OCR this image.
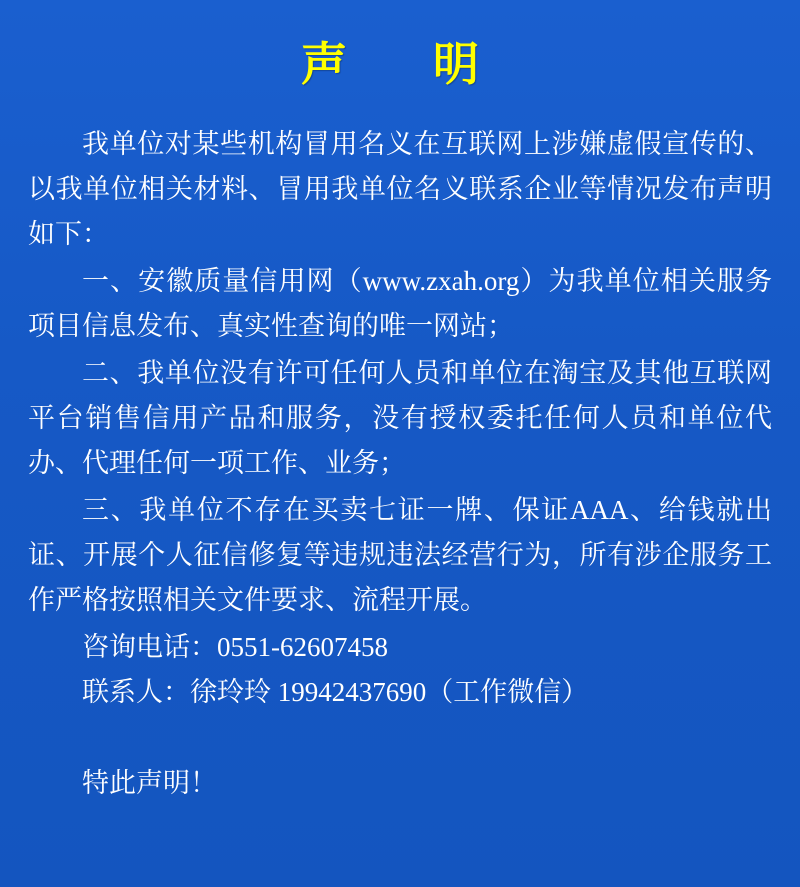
声　明

我单位对某些机构冒用名义在互联网上涉嫌虚假宣传的、以我单位相关材料、冒用我单位名义联系企业等情况发布声明如下：

一、安徽质量信用网（www.zxah.org）为我单位相关服务项目信息发布、真实性查询的唯一网站；

二、我单位没有许可任何人员和单位在淘宝及其他互联网平台销售信用产品和服务，没有授权委托任何人员和单位代办、代理任何一项工作、业务；

三、我单位不存在买卖七证一牌、保证AAA、给钱就出证、开展个人征信修复等违规违法经营行为，所有涉企服务工作严格按照相关文件要求、流程开展。

咨询电话：0551-62607458

联系人：徐玲玲 19942437690（工作微信）

特此声明！
